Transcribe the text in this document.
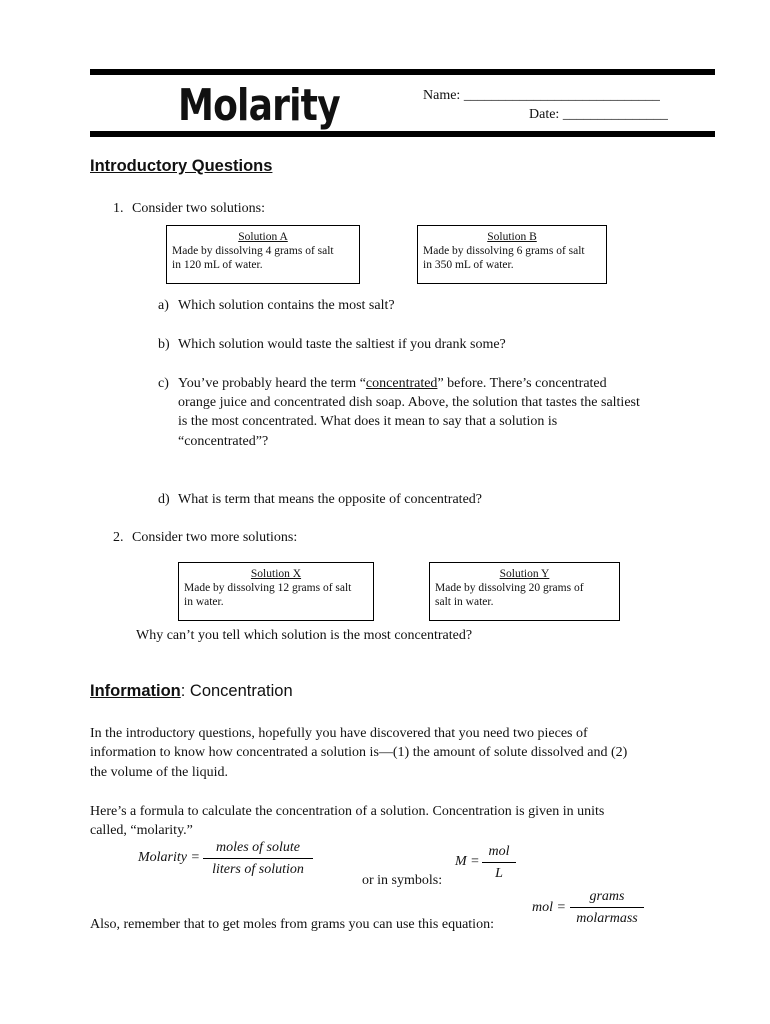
Molarity	Name: ____________________________
Date: _______________
Introductory Questions
1. Consider two solutions:
Solution A
Made by dissolving 4 grams of salt
in 120 mL of water.
Solution B
Made by dissolving 6 grams of salt
in 350 mL of water.
a) Which solution contains the most salt?
b) Which solution would taste the saltiest if you drank some?
c) You’ve probably heard the term “concentrated” before. There’s concentrated
orange juice and concentrated dish soap. Above, the solution that tastes the saltiest
is the most concentrated. What does it mean to say that a solution is
“concentrated”?
d) What is term that means the opposite of concentrated?
2. Consider two more solutions:
Solution X
Made by dissolving 12 grams of salt
in water.
Solution Y
Made by dissolving 20 grams of
salt in water.
Why can’t you tell which solution is the most concentrated?
Information: Concentration
In the introductory questions, hopefully you have discovered that you need two pieces of
information to know how concentrated a solution is—(1) the amount of solute dissolved and (2)
the volume of the liquid.
Here’s a formula to calculate the concentration of a solution. Concentration is given in units
called, “molarity.”
Molarity =
moles of solute
liters of solution
or in symbols:
M =
mol
L
Also, remember that to get moles from grams you can use this equation:
mol =
grams
molarmass
